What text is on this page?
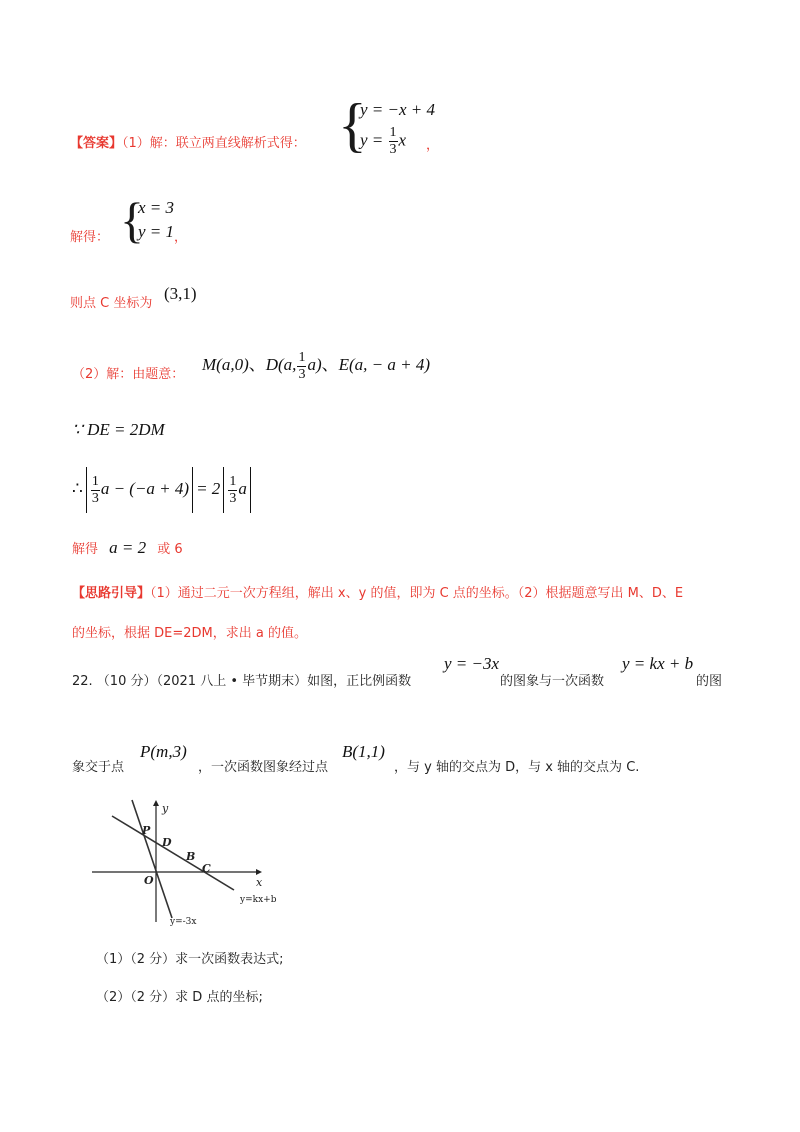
【答案】（1）解：联立两直线解析式得： {
y = −x + 4
$y = \frac{1}{3}$ x ，
解得： {
x = 3
y = 1 ，
则点 C 坐标为
(3,1)
（2）解：由题意：
M(a,0)、D(a, $\frac{1}{3} a$)、E(a, − a + 4)
∵ DE = 2DM
∴ $\frac{1}{3}$ $a - (-a + 4) = 2 \frac{1}{3}$ a
解得 a = 2 或 6
【思路引导】（1）通过二元一次方程组，解出 x、y 的值，即为 C 点的坐标。（2）根据题意写出 M、D、E
的坐标，根据 DE=2DM，求出 a 的值。
22. （10 分）（2021 八上 • 毕节期末）如图，正比例函数
y = −3x
的图象与一次函数
y = kx + b
的图
象交于点
P(m,3)
，一次函数图象经过点
B(1,1)
，与 y 轴的交点为 D，与 x 轴的交点为 C.
y
x
P
D
B
C
O
y=-3x
y=kx+b
（1）（2 分）求一次函数表达式;
（2）（2 分）求 D 点的坐标;
